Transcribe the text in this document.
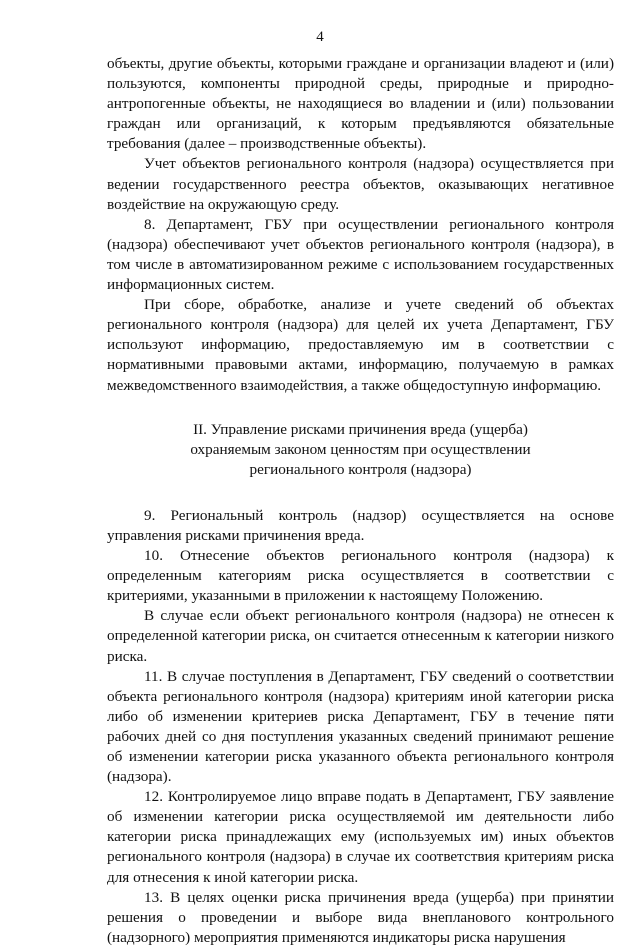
4

объекты, другие объекты, которыми граждане и организации владеют и (или) пользуются, компоненты природной среды, природные и природно-антропогенные объекты, не находящиеся во владении и (или) пользовании граждан или организаций, к которым предъявляются обязательные требования (далее – производственные объекты).

Учет объектов регионального контроля (надзора) осуществляется при ведении государственного реестра объектов, оказывающих негативное воздействие на окружающую среду.

8. Департамент, ГБУ при осуществлении регионального контроля (надзора) обеспечивают учет объектов регионального контроля (надзора), в том числе в автоматизированном режиме с использованием государственных информационных систем.

При сборе, обработке, анализе и учете сведений об объектах регионального контроля (надзора) для целей их учета Департамент, ГБУ используют информацию, предоставляемую им в соответствии с нормативными правовыми актами, информацию, получаемую в рамках межведомственного взаимодействия, а также общедоступную информацию.

II. Управление рисками причинения вреда (ущерба)
охраняемым законом ценностям при осуществлении
регионального контроля (надзора)

9. Региональный контроль (надзор) осуществляется на основе управления рисками причинения вреда.

10. Отнесение объектов регионального контроля (надзора) к определенным категориям риска осуществляется в соответствии с критериями, указанными в приложении к настоящему Положению.

В случае если объект регионального контроля (надзора) не отнесен к определенной категории риска, он считается отнесенным к категории низкого риска.

11. В случае поступления в Департамент, ГБУ сведений о соответствии объекта регионального контроля (надзора) критериям иной категории риска либо об изменении критериев риска Департамент, ГБУ в течение пяти рабочих дней со дня поступления указанных сведений принимают решение об изменении категории риска указанного объекта регионального контроля (надзора).

12. Контролируемое лицо вправе подать в Департамент, ГБУ заявление об изменении категории риска осуществляемой им деятельности либо категории риска принадлежащих ему (используемых им) иных объектов регионального контроля (надзора) в случае их соответствия критериям риска для отнесения к иной категории риска.

13. В целях оценки риска причинения вреда (ущерба) при принятии решения о проведении и выборе вида внепланового контрольного (надзорного) мероприятия применяются индикаторы риска нарушения
